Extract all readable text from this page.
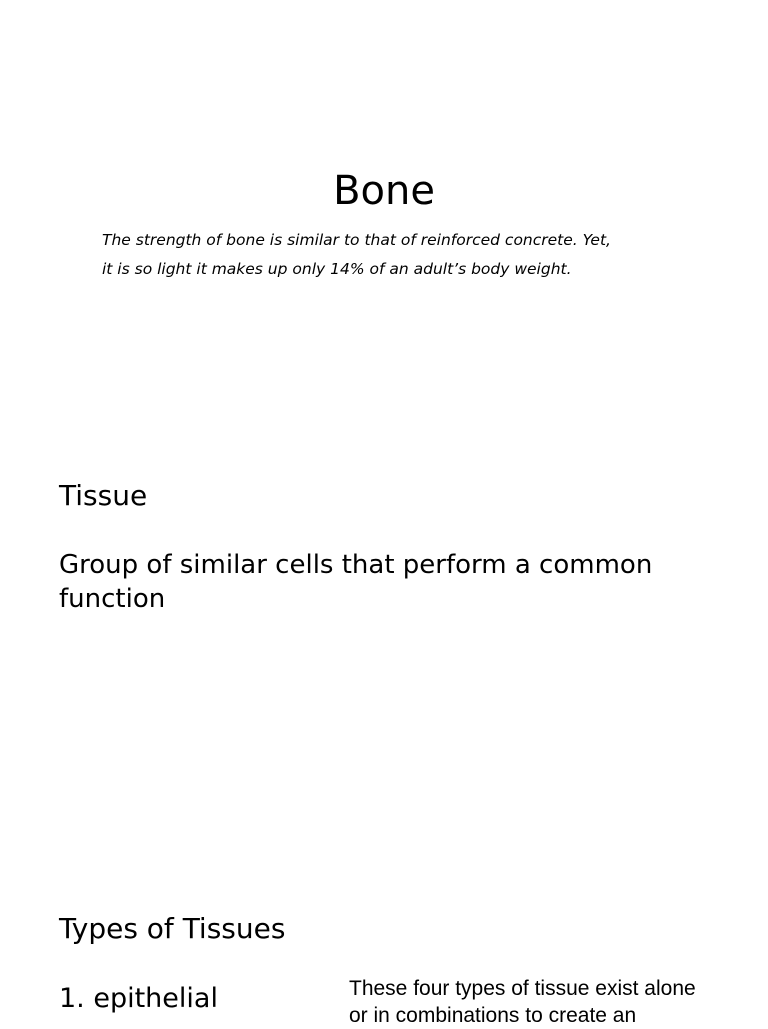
Bone

The strength of bone is similar to that of reinforced concrete. Yet,
it is so light it makes up only 14% of an adult’s body weight.

Tissue

Group of similar cells that perform a common function

Types of Tissues

1. epithelial	These four types of tissue exist alone
or in combinations to create an
